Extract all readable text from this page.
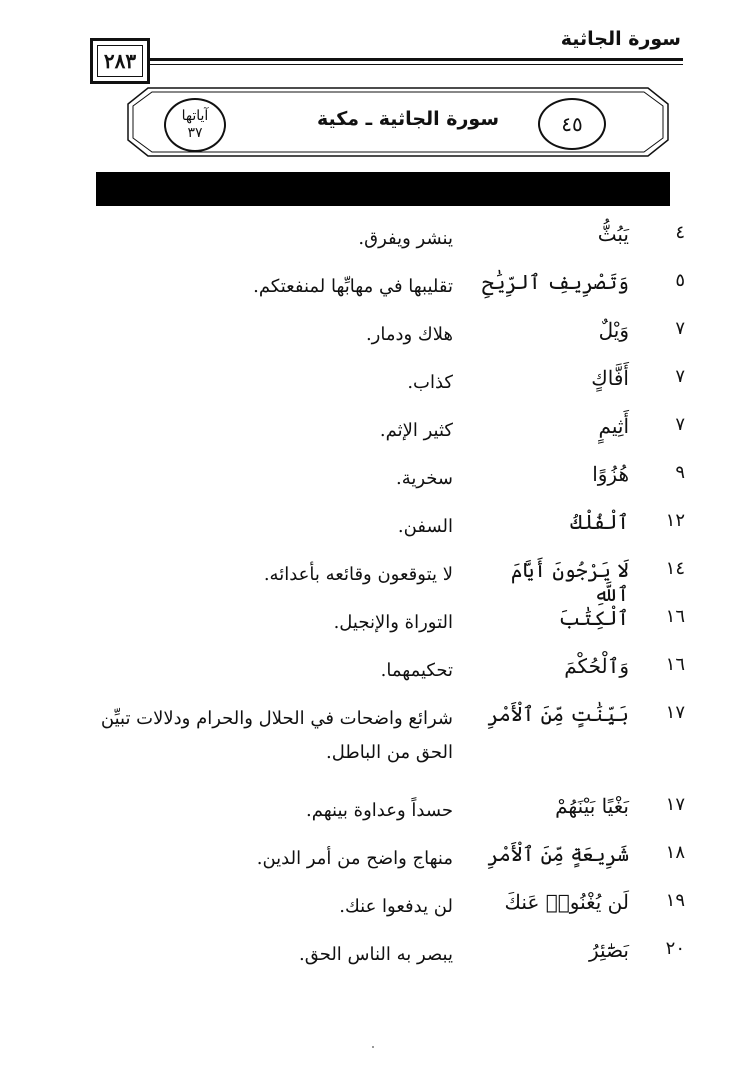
سورة الجاثية
٢٨٣
آياتها
٣٧
سورة الجاثية ـ مكية	٤٥
٤
يَبُثُّ
ينشر ويفرق.
٥
وَتَصْرِيفِ ٱلرِّيَٰحِ
تقليبها في مهابِّها لمنفعتكم.
٧
وَيْلٌ
هلاك ودمار.
٧
أَفَّاكٍ
كذاب.
٧
أَثِيمٍ
كثير الإثم.
٩
هُزُوًا
سخرية.
١٢
ٱلْفُلْكُ
السفن.
١٤
لَا يَرْجُونَ أَيَّامَ ٱللَّهِ
لا يتوقعون وقائعه بأعدائه.
١٦
ٱلْكِتَٰبَ
التوراة والإنجيل.
١٦
وَٱلْحُكْمَ
تحكيمهما.
١٧
بَيِّنَٰتٍ مِّنَ ٱلْأَمْرِ
شرائع واضحات في الحلال والحرام ودلالات تبيِّن الحق من الباطل.
١٧
بَغْيًا بَيْنَهُمْ
حسداً وعداوة بينهم.
١٨
شَرِيعَةٍ مِّنَ ٱلْأَمْرِ
منهاج واضح من أمر الدين.
١٩
لَن يُغْنُوا۟ عَنكَ
لن يدفعوا عنك.
٢٠
بَصَٰٓئِرُ
يبصر به الناس الحق.
